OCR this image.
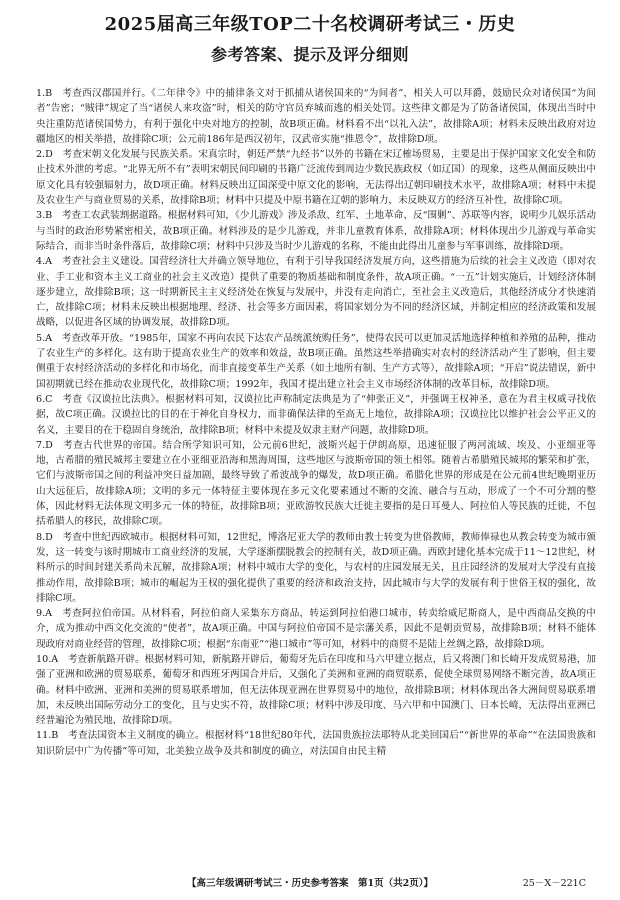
2025届高三年级TOP二十名校调研考试三・历史
参考答案、提示及评分细则
1.B　 考查西汉郡国并行。《二年律令》中的捕律条文对于抓捕从诸侯国来的“为间者”，相关人可以拜爵，鼓励民众对诸侯国“为间者”告密；“贼律”规定了当“诸侯人来攻盗”时，相关的防守官员弃城而逃的相关处罚。这些律文都是为了防备诸侯国，体现出当时中央注重防范诸侯国势力，有利于强化中央对地方的控制，故B项正确。材料看不出“以礼入法”，故排除A项；材料未反映出政府对边疆地区的相关举措，故排除C项；公元前186年是西汉初年，汉武帝实施“推恩令”，故排除D项。
2.D　 考查宋朝文化发展与民族关系。宋真宗时，朝廷严禁“九经书”以外的书籍在宋辽榷场贸易，主要是出于保护国家文化安全和防止技术外泄的考虑。“北界无所不有”表明宋朝民间印刷的书籍广泛流传到周边少数民族政权（如辽国）的现象，这些从侧面反映出中原文化具有较强辐射力，故D项正确。材料反映出辽国深受中原文化的影响，无法得出辽朝印刷技术水平，故排除A项；材料中未提及农业生产与商业贸易的关系，故排除B项；材料中只提及中原书籍在辽朝的影响力，未反映双方的经济互补性，故排除C项。
3.B　 考查工农武装割据道路。根据材料可知，《少儿游戏》涉及杀敌、红军、土地革命、反“围剿”、苏联等内容，说明少儿娱乐活动与当时的政治形势紧密相关，故B项正确。材料涉及的是少儿游戏，并非儿童教育体系，故排除A项；材料体现出少儿游戏与革命实际结合，而非当时条件落后，故排除C项；材料中只涉及当时少儿游戏的名称，不能由此得出儿童参与军事训练，故排除D项。
4.A　 考查社会主义建设。国营经济壮大并确立领导地位，有利于引导我国经济发展方向，这些措施为后续的社会主义改造（即对农业、手工业和资本主义工商业的社会主义改造）提供了重要的物质基础和制度条件，故A项正确。“一五”计划实施后，计划经济体制逐步建立，故排除B项；这一时期新民主主义经济处在恢复与发展中，并没有走向消亡，至社会主义改造后，其他经济成分才快速消亡，故排除C项；材料未反映出根据地理、经济、社会等多方面因素，将国家划分为不同的经济区域，并制定相应的经济政策和发展战略，以促进各区域的协调发展，故排除D项。
5.A　 考查改革开放。“1985年，国家不再向农民下达农产品统派统购任务”，使得农民可以更加灵活地选择种植和养殖的品种，推动了农业生产的多样化。这有助于提高农业生产的效率和效益，故B项正确。虽然这些举措确实对农村的经济活动产生了影响，但主要侧重于农村经济活动的多样化和市场化，而非直接变革生产关系（如土地所有制、生产方式等），故排除A项；“开启”说法错误，新中国初期就已经在推动农业现代化，故排除C项；1992年，我国才提出建立社会主义市场经济体制的改革目标，故排除D项。
6.C　 考查《汉谟拉比法典》。根据材料可知，汉谟拉比声称制定法典是为了“伸张正义”，并强调王权神圣，意在为君主权威寻找依据，故C项正确。汉谟拉比的目的在于神化自身权力，而非确保法律的至高无上地位，故排除A项；汉谟拉比以维护社会公平正义的名义，主要目的在于稳固自身统治，故排除B项；材料中未提及奴隶主财产问题，故排除D项。
7.D　 考查古代世界的帝国。结合所学知识可知，公元前6世纪，波斯兴起于伊朗高原，迅速征服了两河流域、埃及、小亚细亚等地，古希腊的殖民城邦主要建立在小亚细亚沿海和黑海周围，这些地区与波斯帝国的领土相邻。随着古希腊殖民城邦的繁荣和扩张，它们与波斯帝国之间的利益冲突日益加剧，最终导致了希波战争的爆发，故D项正确。希腊化世界的形成是在公元前4世纪晚期亚历山大远征后，故排除A项；文明的多元一体特征主要体现在多元文化要素通过不断的交流、融合与互动，形成了一个不可分割的整体，因此材料无法体现文明多元一体的特征，故排除B项；亚欧游牧民族大迁徙主要指的是日耳曼人、阿拉伯人等民族的迁徙，不包括希腊人的移民，故排除C项。
8.D　 考查中世纪西欧城市。根据材料可知，12世纪，博洛尼亚大学的教师由教士转变为世俗教师，教师俸禄也从教会转变为城市颁发，这一转变与该时期城市工商业经济的发展，大学逐渐摆脱教会的控制有关，故D项正确。西欧封建化基本完成于11～12世纪，材料所示的时间封建关系尚未瓦解，故排除A项；材料中城市大学的变化，与农村的庄园发展无关，且庄园经济的发展对大学没有直接推动作用，故排除B项；城市的崛起为王权的强化提供了重要的经济和政治支持，因此城市与大学的发展有利于世俗王权的强化，故排除C项。
9.A　 考查阿拉伯帝国。从材料看，阿拉伯商人采集东方商品，转运到阿拉伯港口城市，转卖给威尼斯商人，是中西商品交换的中介，成为推动中西文化交流的“使者”，故A项正确。中国与阿拉伯帝国不是宗藩关系，因此不是朝贡贸易，故排除B项；材料不能体现政府对商业经营的管理，故排除C项；根据“东南亚”“港口城市”等可知，材料中的商贸不是陆上丝绸之路，故排除D项。
10.A　 考查新航路开辟。根据材料可知，新航路开辟后，葡萄牙先后在印度和马六甲建立据点，后又将澳门和长崎开发成贸易港，加强了亚洲和欧洲的贸易联系，葡萄牙和西班牙两国合并后，又强化了美洲和亚洲的商贸联系，促使全球贸易网络不断完善，故A项正确。材料中欧洲、亚洲和美洲的贸易联系增加，但无法体现亚洲在世界贸易中的地位，故排除B项；材料体现出各大洲间贸易联系增加，未反映出国际劳动分工的变化，且与史实不符，故排除C项；材料中涉及印度、马六甲和中国澳门、日本长崎，无法得出亚洲已经普遍沦为殖民地，故排除D项。
11.B　 考查法国资本主义制度的确立。根据材料“18世纪80年代，法国贵族拉法耶特从北美回国后”“新世界的革命”“在法国贵族和知识阶层中广为传播”等可知，北美独立战争及共和制度的确立，对法国自由民主精
【高三年级调研考试三・历史参考答案　第1页（共2页）】	25－X－221C
